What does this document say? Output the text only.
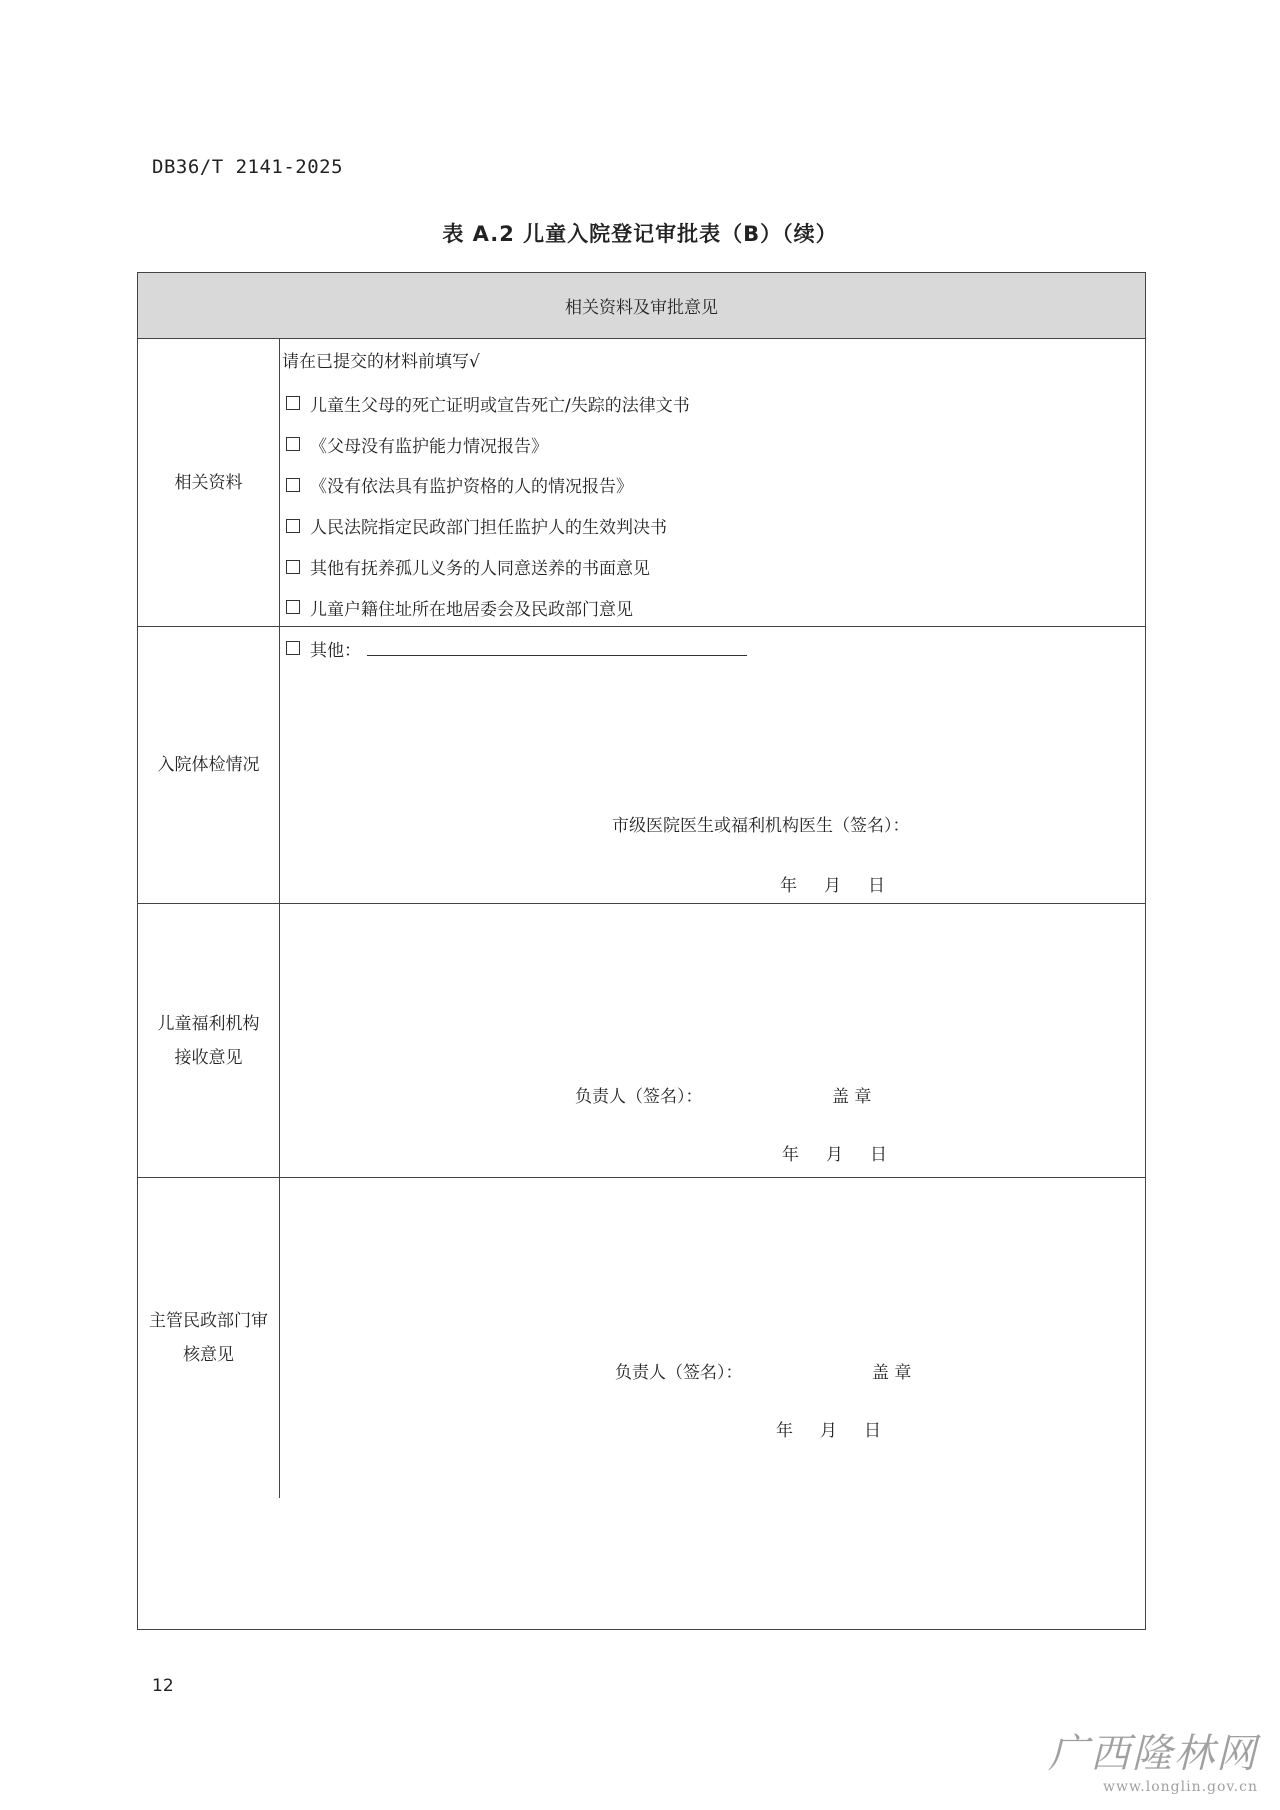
DB36/T 2141-2025
表 A.2 儿童入院登记审批表（B）（续）
相关资料及审批意见
相关资料
请在已提交的材料前填写√
儿童生父母的死亡证明或宣告死亡/失踪的法律文书
《父母没有监护能力情况报告》
《没有依法具有监护资格的人的情况报告》
人民法院指定民政部门担任监护人的生效判决书
其他有抚养孤儿义务的人同意送养的书面意见
儿童户籍住址所在地居委会及民政部门意见
其他：
入院体检情况
市级医院医生或福利机构医生（签名）：
年     月     日
儿童福利机构
接收意见
负责人（签名）：	盖 章
年     月     日
主管民政部门审
核意见
负责人（签名）：	盖 章
年     月     日
12
广西隆林网
www.longlin.gov.cn
